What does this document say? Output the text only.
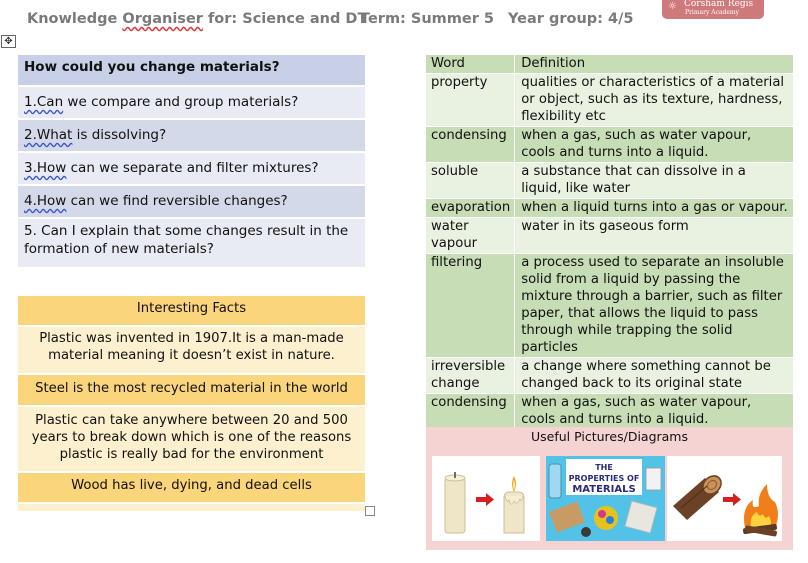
Knowledge Organiser for: Science and DT
Term: Summer 5 Year group: 4/5
☼ Corsham Regis
Primary Academy
✥
How could you change materials?
1.Can we compare and group materials?
2.What is dissolving?
3.How can we separate and filter mixtures?
4.How can we find reversible changes?
5. Can I explain that some changes result in the formation of new materials?
Interesting Facts
Plastic was invented in 1907.It is a man-made material meaning it doesn’t exist in nature.
Steel is the most recycled material in the world
Plastic can take anywhere between 20 and 500 years to break down which is one of the reasons plastic is really bad for the environment
Wood has live, dying, and dead cells
Word	Definition
property	qualities or characteristics of a material or object, such as its texture, hardness, flexibility etc
condensing	when a gas, such as water vapour, cools and turns into a liquid.
soluble	a substance that can dissolve in a liquid, like water
evaporation	when a liquid turns into a gas or vapour.
water vapour	water in its gaseous form
filtering	a process used to separate an insoluble solid from a liquid by passing the mixture through a barrier, such as filter paper, that allows the liquid to pass through while trapping the solid particles
irreversible change	a change where something cannot be changed back to its original state
condensing	when a gas, such as water vapour, cools and turns into a liquid.
Useful Pictures/Diagrams
THE
PROPERTIES OF
MATERIALS
